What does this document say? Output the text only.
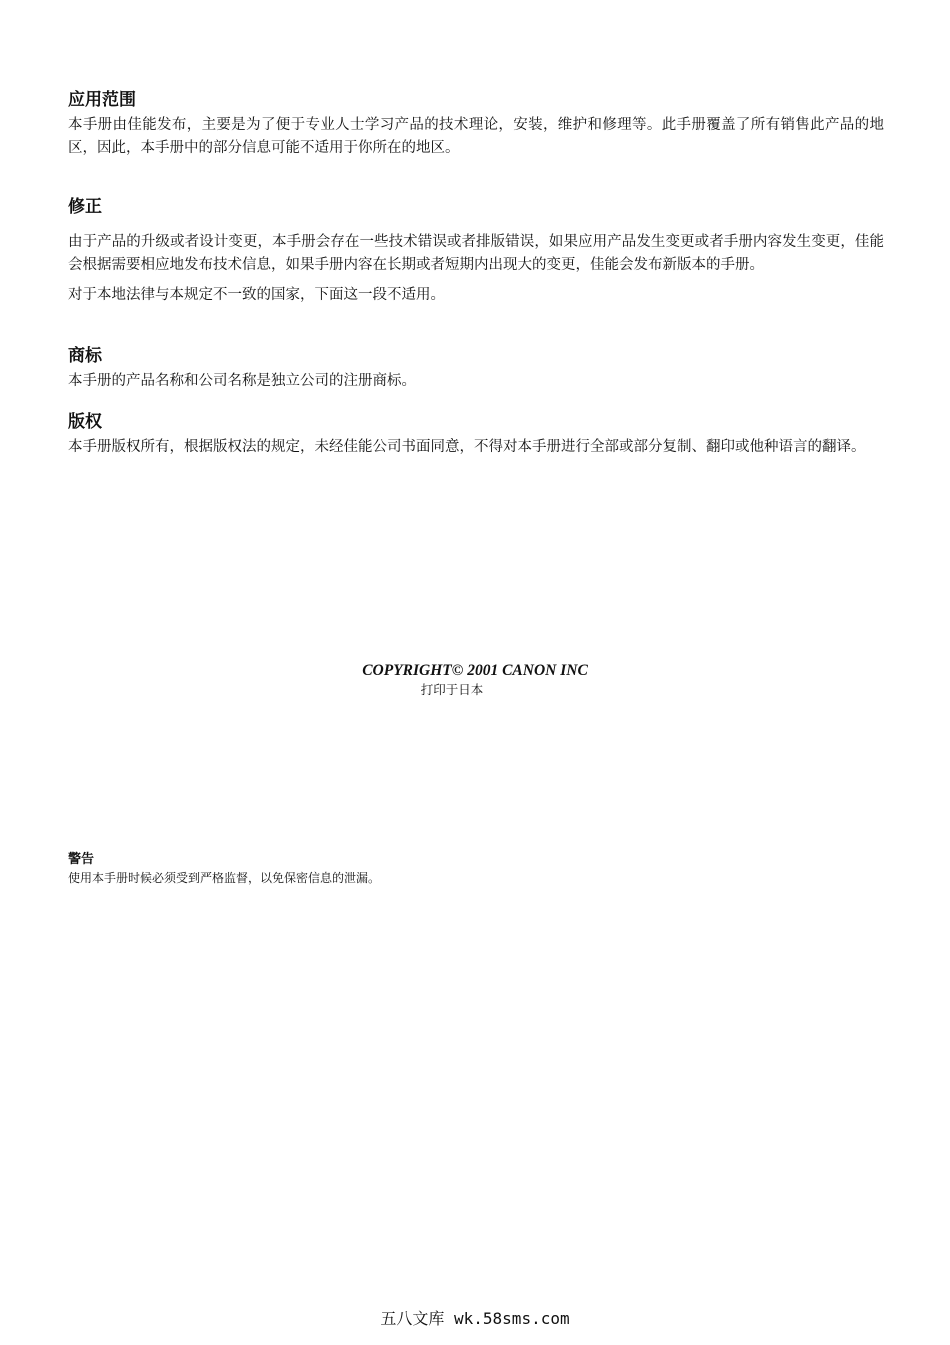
应用范围

本手册由佳能发布，主要是为了便于专业人士学习产品的技术理论，安装，维护和修理等。此手册覆盖了所有销售此产品的地区，因此，本手册中的部分信息可能不适用于你所在的地区。

修正

由于产品的升级或者设计变更，本手册会存在一些技术错误或者排版错误，如果应用产品发生变更或者手册内容发生变更，佳能会根据需要相应地发布技术信息，如果手册内容在长期或者短期内出现大的变更，佳能会发布新版本的手册。

对于本地法律与本规定不一致的国家，下面这一段不适用。

商标

本手册的产品名称和公司名称是独立公司的注册商标。

版权

本手册版权所有，根据版权法的规定，未经佳能公司书面同意，不得对本手册进行全部或部分复制、翻印或他种语言的翻译。

COPYRIGHT© 2001 CANON INC
打印于日本

警告

使用本手册时候必须受到严格监督，以免保密信息的泄漏。

五八文库 wk.58sms.com
